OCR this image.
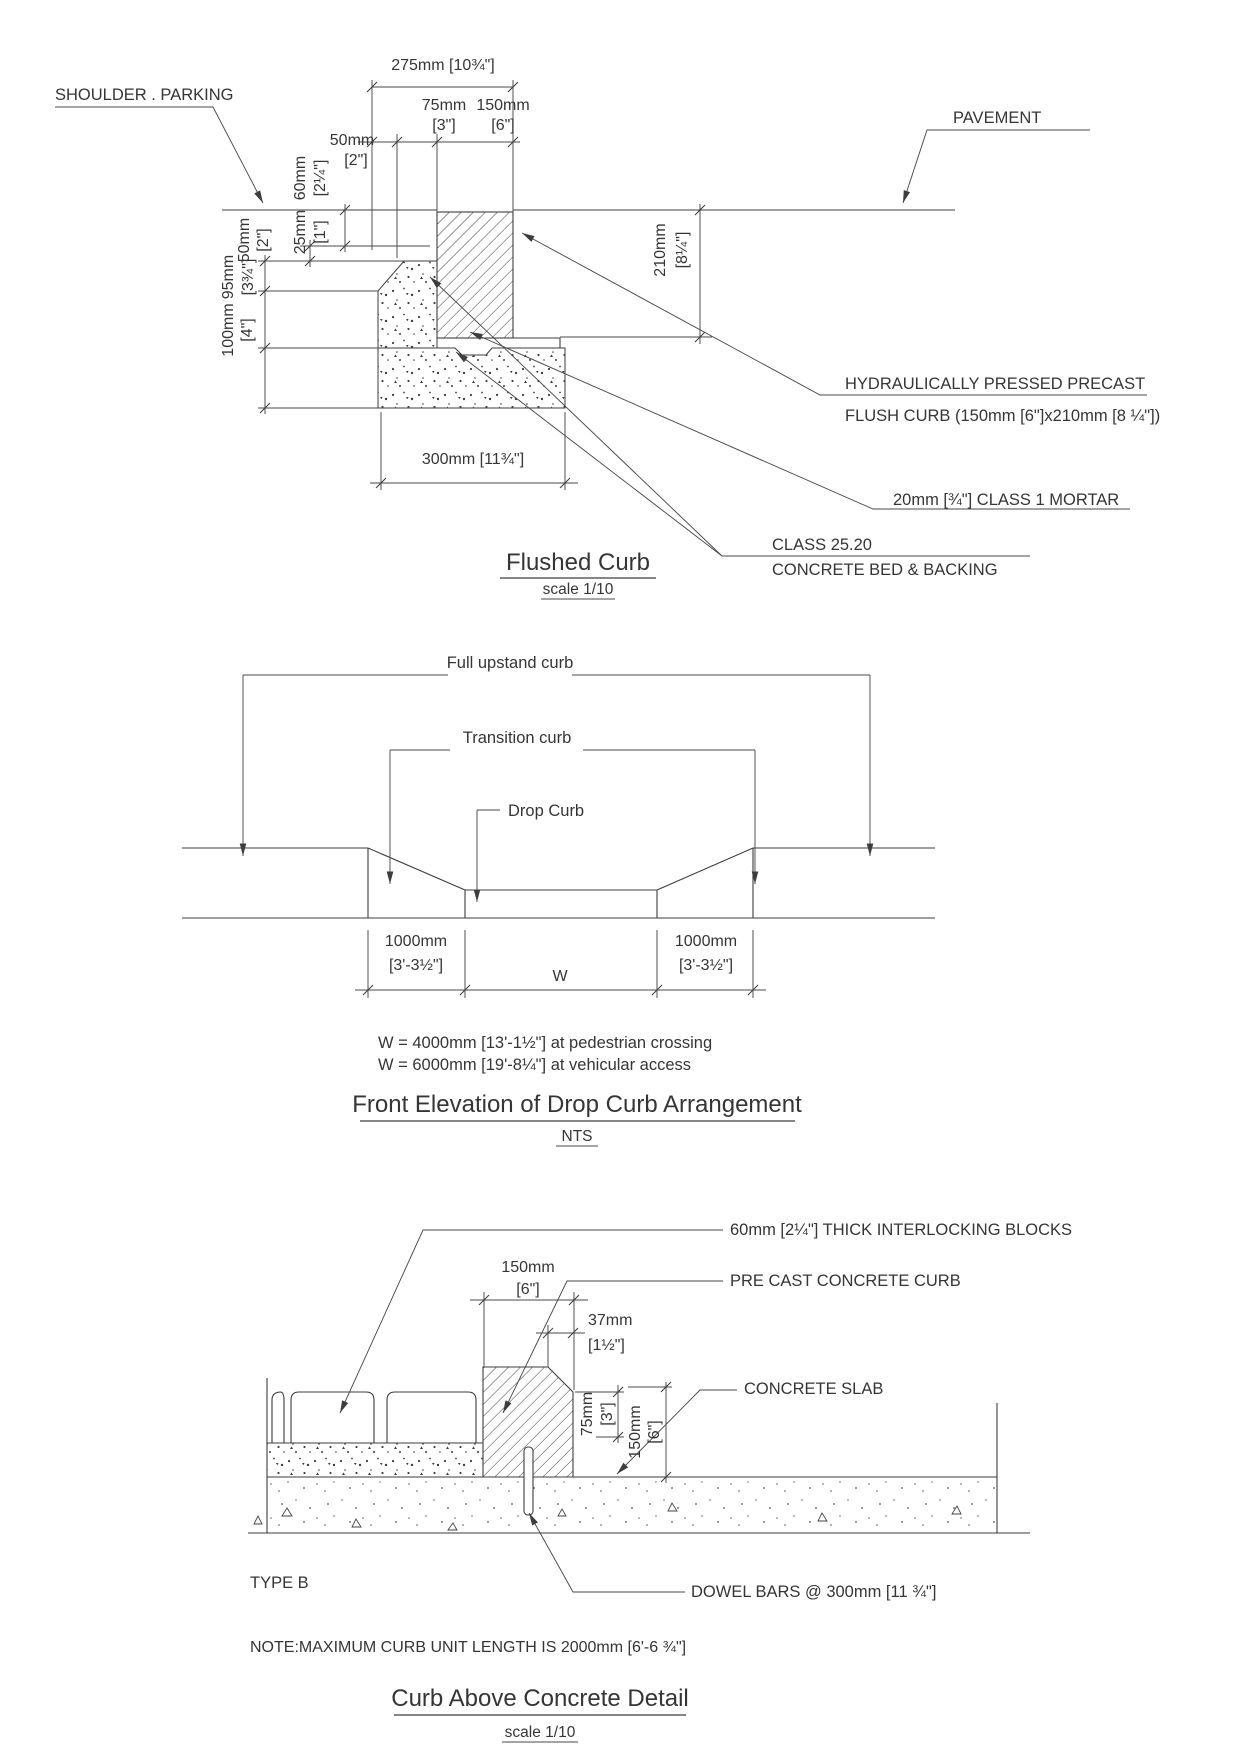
SHOULDER . PARKING
PAVEMENT
275mm [10¾"]
75mm
[3"]
150mm
[6"]
50mm
[2"]
60mm [2¼"]
25mm [1"]
50mm [2"]
95mm [3¾"]
100mm [4"]
210mm [8¼"]
300mm [11¾"]
HYDRAULICALLY PRESSED PRECAST
FLUSH CURB (150mm [6"]x210mm [8 ¼"])
20mm [¾"] CLASS 1 MORTAR
CLASS 25.20
CONCRETE BED & BACKING
Flushed Curb
scale 1/10
Full upstand curb
Transition curb
Drop Curb
1000mm
[3'-3½"]
W
1000mm
[3'-3½"]
W = 4000mm [13'-1½"] at pedestrian crossing
W = 6000mm [19'-8¼"] at vehicular access
Front Elevation of Drop Curb Arrangement
NTS
60mm [2¼"] THICK INTERLOCKING BLOCKS
PRE CAST CONCRETE CURB
CONCRETE SLAB
DOWEL BARS @ 300mm [11 ¾"]
150mm
[6"]
37mm
[1½"]
75mm [3"] 150mm [6"]
TYPE B
NOTE:MAXIMUM CURB UNIT LENGTH IS 2000mm [6'-6 ¾"]
Curb Above Concrete Detail
scale 1/10
